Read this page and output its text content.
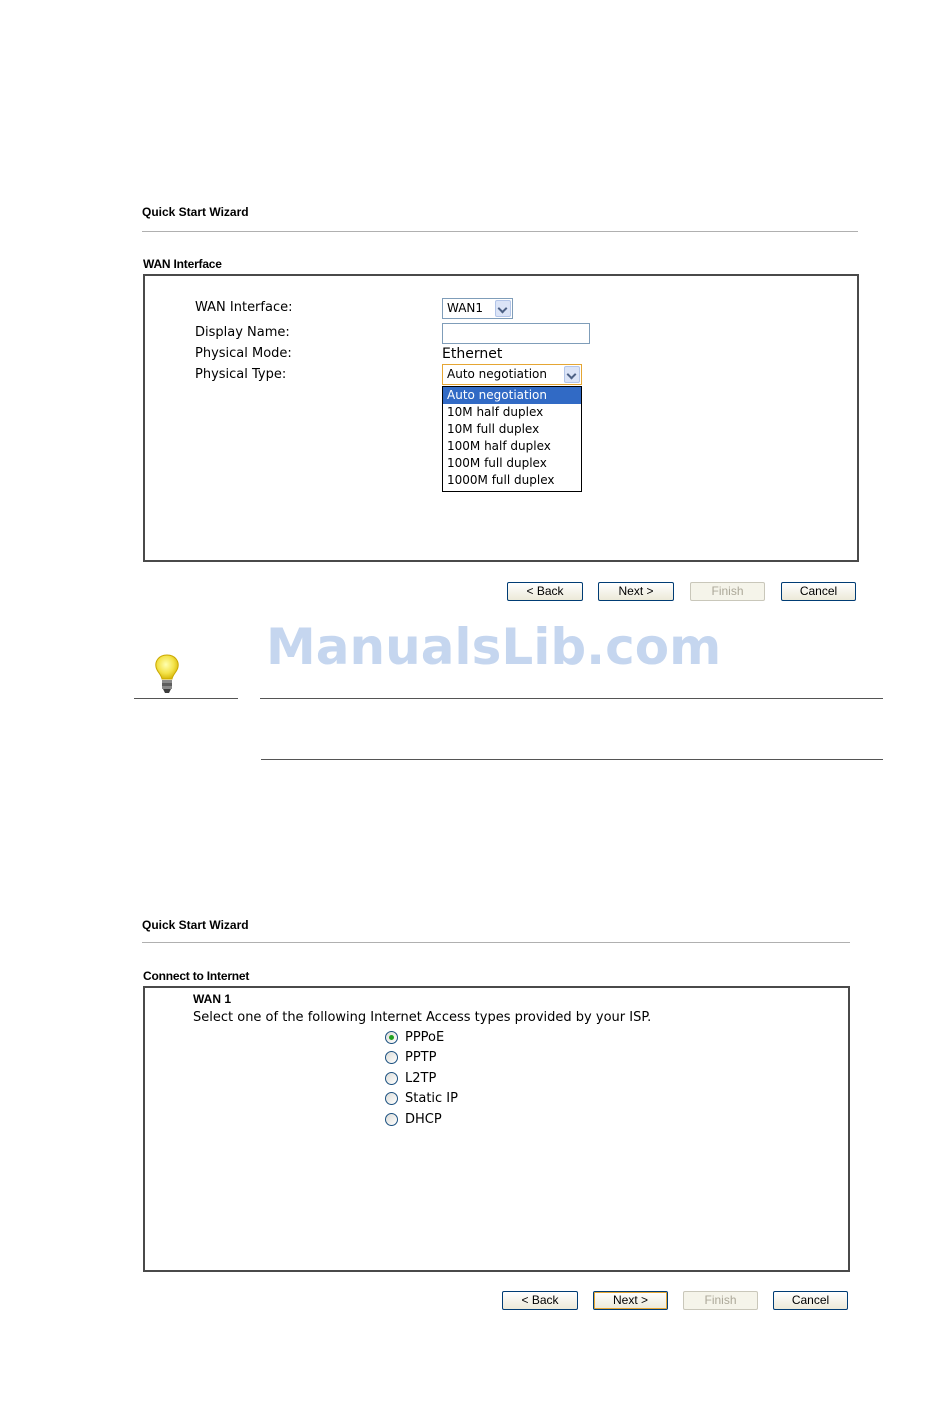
Quick Start Wizard
WAN Interface
WAN Interface:	WAN1
Display Name:
Physical Mode:	Ethernet
Physical Type:	Auto negotiation
Auto negotiation
10M half duplex
10M full duplex
100M half duplex
100M full duplex
1000M full duplex
< Back	Next >	Finish	Cancel
ManualsLib.com
Quick Start Wizard
Connect to Internet
WAN 1
Select one of the following Internet Access types provided by your ISP.
PPPoE
PPTP
L2TP
Static IP
DHCP
< Back	Next >	Finish	Cancel
